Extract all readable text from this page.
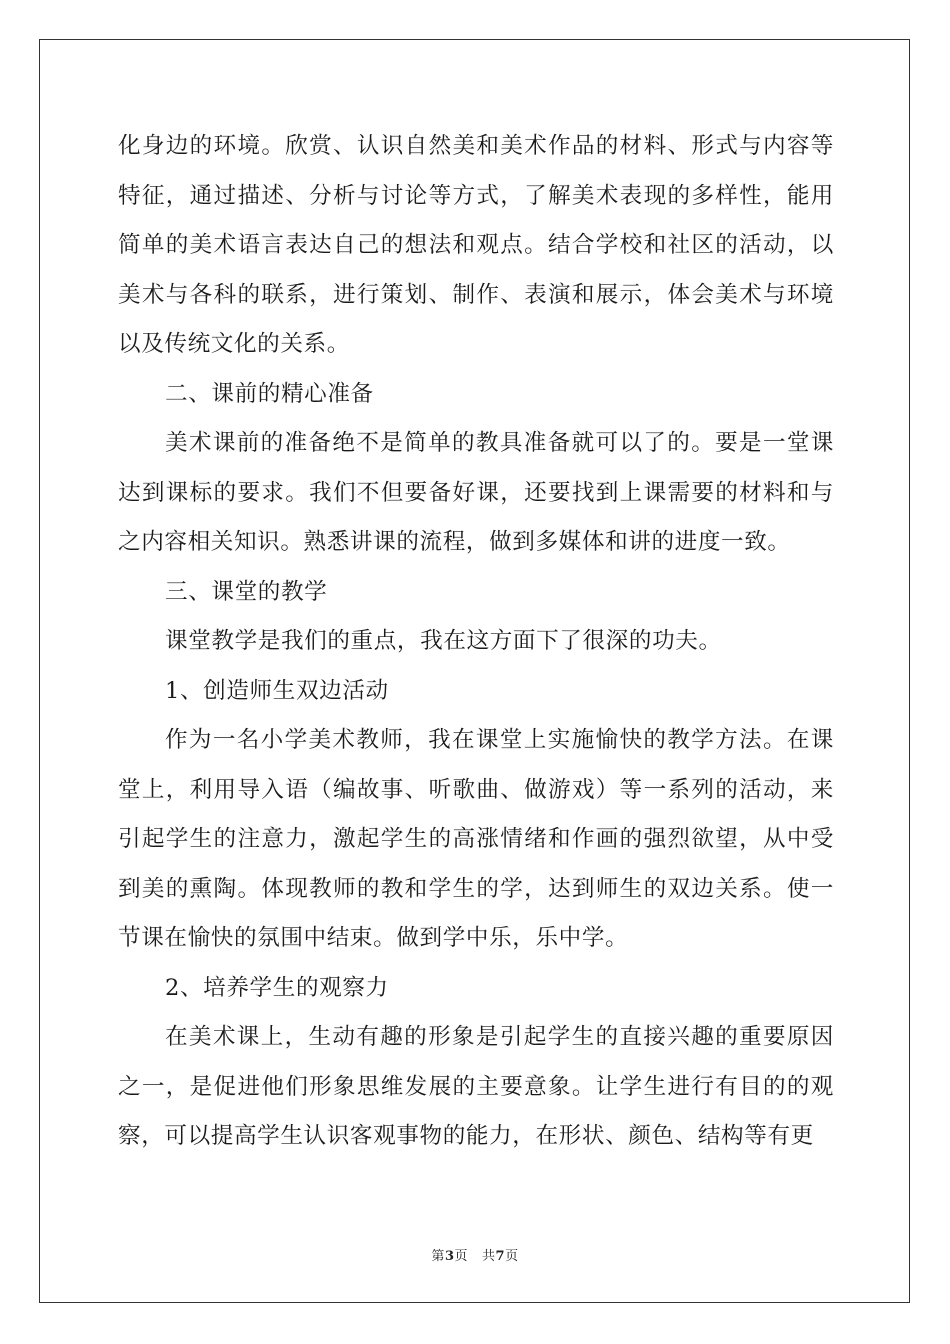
化身边的环境。欣赏、认识自然美和美术作品的材料、形式与内容等特征，通过描述、分析与讨论等方式，了解美术表现的多样性，能用简单的美术语言表达自己的想法和观点。结合学校和社区的活动，以美术与各科的联系，进行策划、制作、表演和展示，体会美术与环境以及传统文化的关系。

二、课前的精心准备

美术课前的准备绝不是简单的教具准备就可以了的。要是一堂课达到课标的要求。我们不但要备好课，还要找到上课需要的材料和与之内容相关知识。熟悉讲课的流程，做到多媒体和讲的进度一致。

三、课堂的教学

课堂教学是我们的重点，我在这方面下了很深的功夫。

1、创造师生双边活动

作为一名小学美术教师，我在课堂上实施愉快的教学方法。在课堂上，利用导入语（编故事、听歌曲、做游戏）等一系列的活动，来引起学生的注意力，激起学生的高涨情绪和作画的强烈欲望，从中受到美的熏陶。体现教师的教和学生的学，达到师生的双边关系。使一节课在愉快的氛围中结束。做到学中乐，乐中学。

2、培养学生的观察力

在美术课上，生动有趣的形象是引起学生的直接兴趣的重要原因之一，是促进他们形象思维发展的主要意象。让学生进行有目的的观察，可以提高学生认识客观事物的能力，在形状、颜色、结构等有更

第3页 共7页
